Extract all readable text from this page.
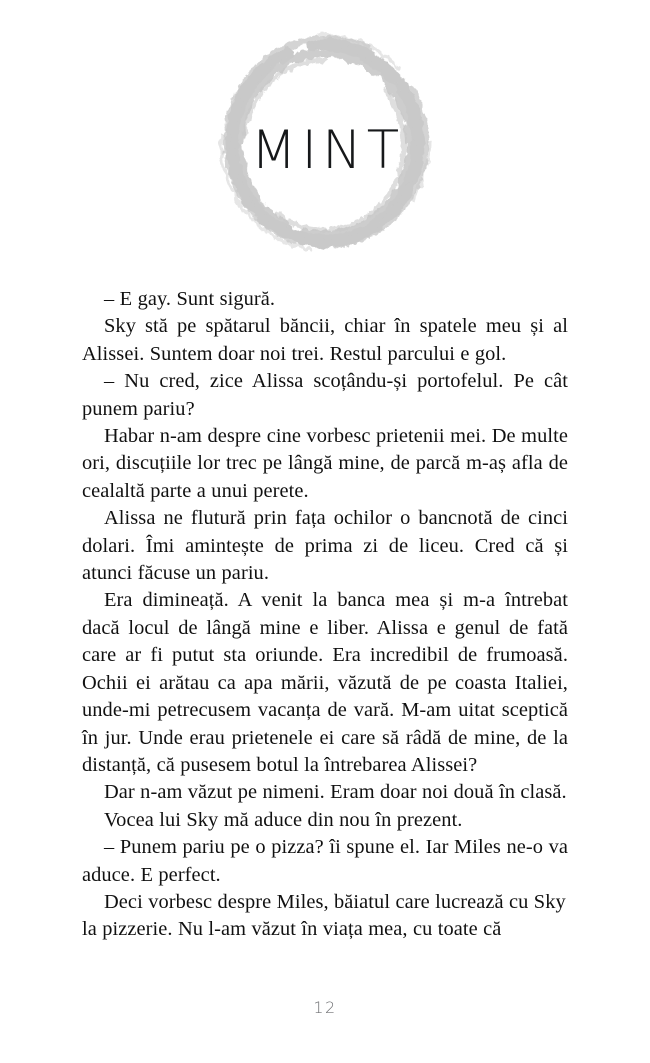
MINT

– E gay. Sunt sigură.

Sky stă pe spătarul băncii, chiar în spatele meu și al Alissei. Suntem doar noi trei. Restul parcului e gol.

– Nu cred, zice Alissa scoțându-și portofelul. Pe cât punem pariu?

Habar n-am despre cine vorbesc prietenii mei. De multe ori, discuțiile lor trec pe lângă mine, de parcă m-aș afla de cealaltă parte a unui perete.

Alissa ne flutură prin fața ochilor o bancnotă de cinci dolari. Îmi amintește de prima zi de liceu. Cred că și atunci făcuse un pariu.

Era dimineață. A venit la banca mea și m-a întrebat dacă locul de lângă mine e liber. Alissa e genul de fată care ar fi putut sta oriunde. Era incredibil de frumoasă. Ochii ei arătau ca apa mării, văzută de pe coasta Italiei, unde-mi petrecusem vacanța de vară. M-am uitat sceptică în jur. Unde erau prietenele ei care să râdă de mine, de la distanță, că pusesem botul la întrebarea Alissei?

Dar n-am văzut pe nimeni. Eram doar noi două în clasă.

Vocea lui Sky mă aduce din nou în prezent.

– Punem pariu pe o pizza? îi spune el. Iar Miles ne-o va aduce. E perfect.

Deci vorbesc despre Miles, băiatul care lucrează cu Sky la pizzerie. Nu l-am văzut în viața mea, cu toate că

12
